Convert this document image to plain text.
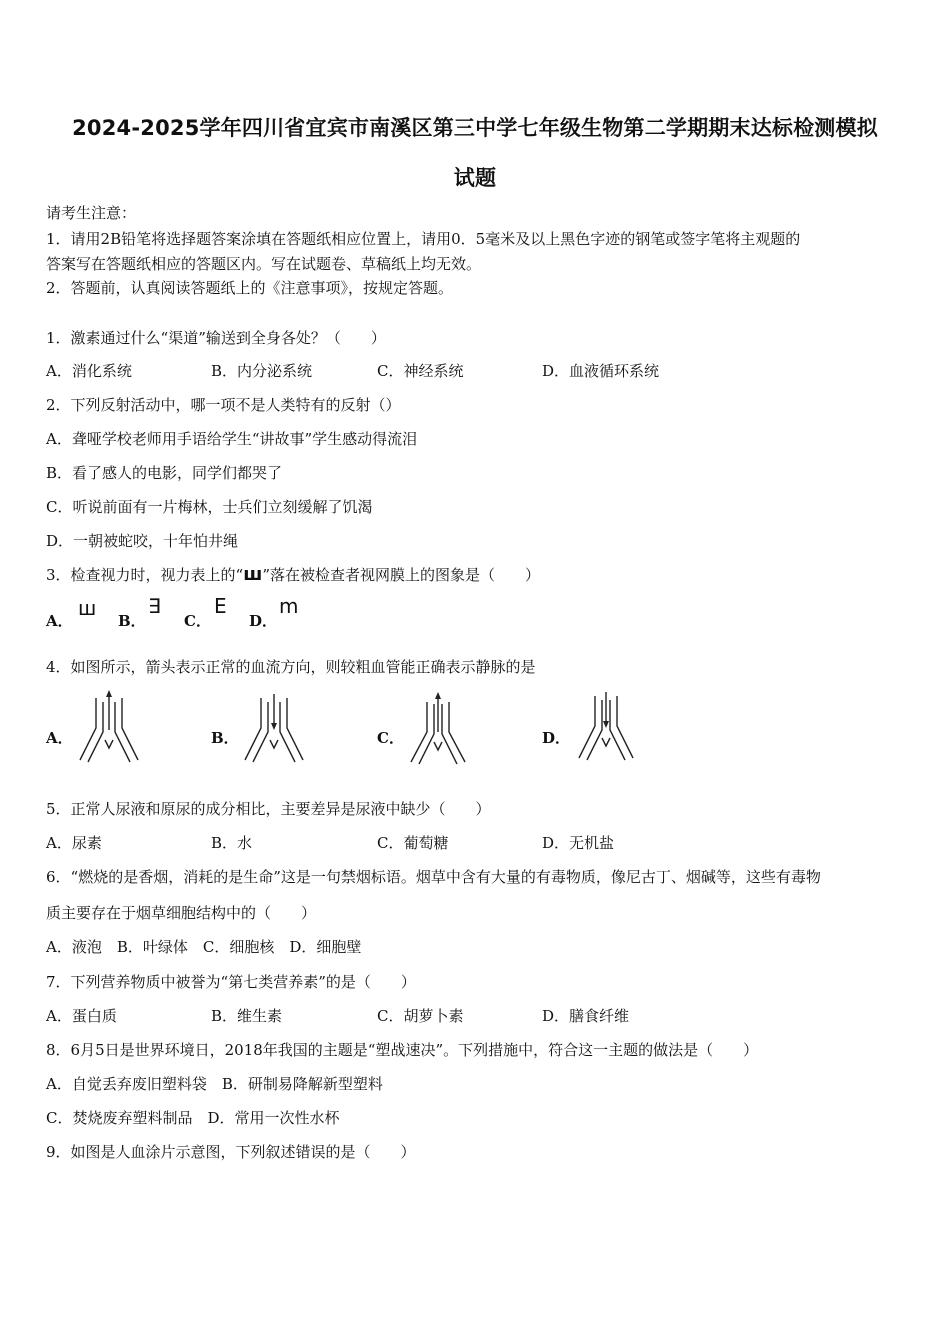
2024-2025学年四川省宜宾市南溪区第三中学七年级生物第二学期期末达标检测模拟
试题
请考生注意：
1．请用2B铅笔将选择题答案涂填在答题纸相应位置上，请用0．5毫米及以上黑色字迹的钢笔或签字笔将主观题的
答案写在答题纸相应的答题区内。写在试题卷、草稿纸上均无效。
2．答题前，认真阅读答题纸上的《注意事项》，按规定答题。
1．激素通过什么“渠道”输送到全身各处？（　　）
A．消化系统	B．内分泌系统	C．神经系统	D．血液循环系统
2．下列反射活动中，哪一项不是人类特有的反射（）
A．聋哑学校老师用手语给学生“讲故事”学生感动得流泪
B．看了感人的电影，同学们都哭了
C．听说前面有一片梅林，士兵们立刻缓解了饥渴
D．一朝被蛇咬，十年怕井绳
3．检查视力时，视力表上的“ш”落在被检查者视网膜上的图象是（　　）
A．
ш
B．
∃
C．
E
D．
m
4．如图所示，箭头表示正常的血流方向，则较粗血管能正确表示静脉的是
A．	B．	C．	D．
5．正常人尿液和原尿的成分相比，主要差异是尿液中缺少（　　）
A．尿素	B．水	C．葡萄糖	D．无机盐
6．“燃烧的是香烟，消耗的是生命”这是一句禁烟标语。烟草中含有大量的有毒物质，像尼古丁、烟碱等，这些有毒物
质主要存在于烟草细胞结构中的（　　）
A．液泡　B．叶绿体　C．细胞核　D．细胞壁
7．下列营养物质中被誉为“第七类营养素”的是（　　）
A．蛋白质	B．维生素	C．胡萝卜素	D．膳食纤维
8．6月5日是世界环境日，2018年我国的主题是“塑战速决”。下列措施中，符合这一主题的做法是（　　）
A．自觉丢弃废旧塑料袋　B．研制易降解新型塑料
C．焚烧废弃塑料制品　D．常用一次性水杯
9．如图是人血涂片示意图，下列叙述错误的是（　　）
